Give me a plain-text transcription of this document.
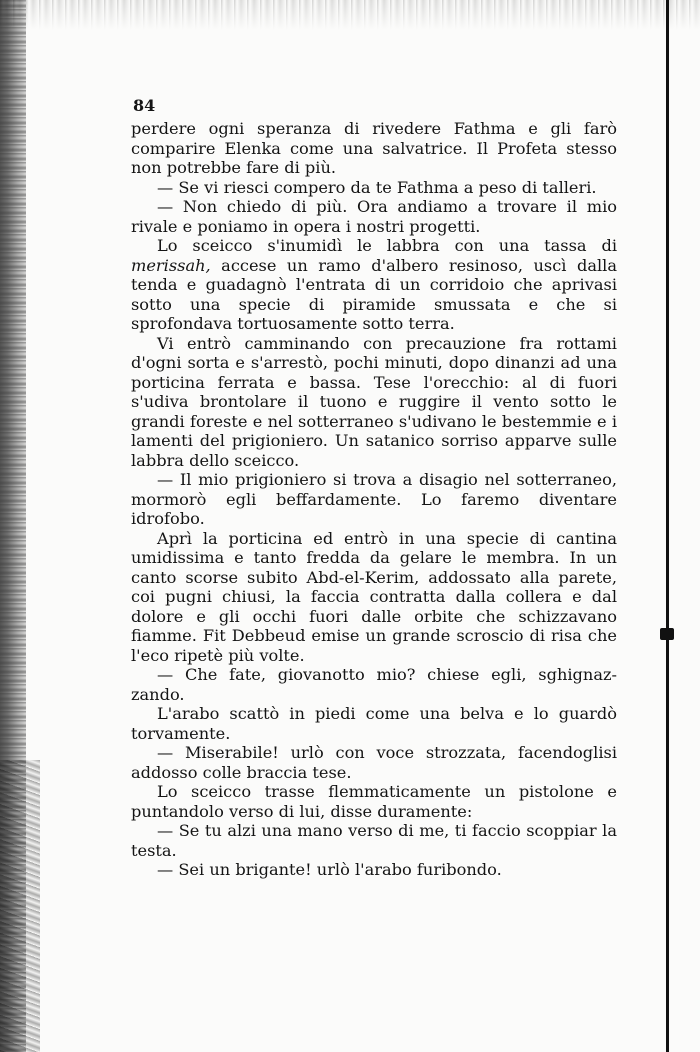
84

perdere ogni speranza di rivedere Fathma e gli farò comparire Elenka come una salvatrice. Il Profeta stesso non potrebbe fare di più.

— Se vi riesci compero da te Fathma a peso di talleri.

— Non chiedo di più. Ora andiamo a trovare il mio rivale e poniamo in opera i nostri progetti.

Lo sceicco s'inumidì le labbra con una tassa di merissah, accese un ramo d'albero resinoso, uscì dalla tenda e guadagnò l'entrata di un corridoio che aprivasi sotto una specie di piramide smussata e che si sprofondava tortuosamente sotto terra.

Vi entrò camminando con precauzione fra rottami d'ogni sorta e s'arrestò, pochi minuti, dopo dinanzi ad una porticina ferrata e bassa. Tese l'orecchio: al di fuori s'udiva brontolare il tuono e ruggire il vento sotto le grandi foreste e nel sotterraneo s'udivano le bestemmie e i lamenti del prigioniero. Un satanico sorriso apparve sulle labbra dello sceicco.

— Il mio prigioniero si trova a disagio nel sotterraneo, mormorò egli beffardamente. Lo faremo diventare idrofobo.

Aprì la porticina ed entrò in una specie di cantina umidissima e tanto fredda da gelare le membra. In un canto scorse subito Abd-el-Kerim, addossato alla parete, coi pugni chiusi, la faccia contratta dalla collera e dal dolore e gli occhi fuori dalle orbite che schizzavano fiamme. Fit Debbeud emise un grande scroscio di risa che l'eco ripetè più volte.

— Che fate, giovanotto mio? chiese egli, sghignazzando.

L'arabo scattò in piedi come una belva e lo guardò torvamente.

— Miserabile! urlò con voce strozzata, facendoglisi addosso colle braccia tese.

Lo sceicco trasse flemmaticamente un pistolone e puntandolo verso di lui, disse duramente:

— Se tu alzi una mano verso di me, ti faccio scoppiar la testa.

— Sei un brigante! urlò l'arabo furibondo.
